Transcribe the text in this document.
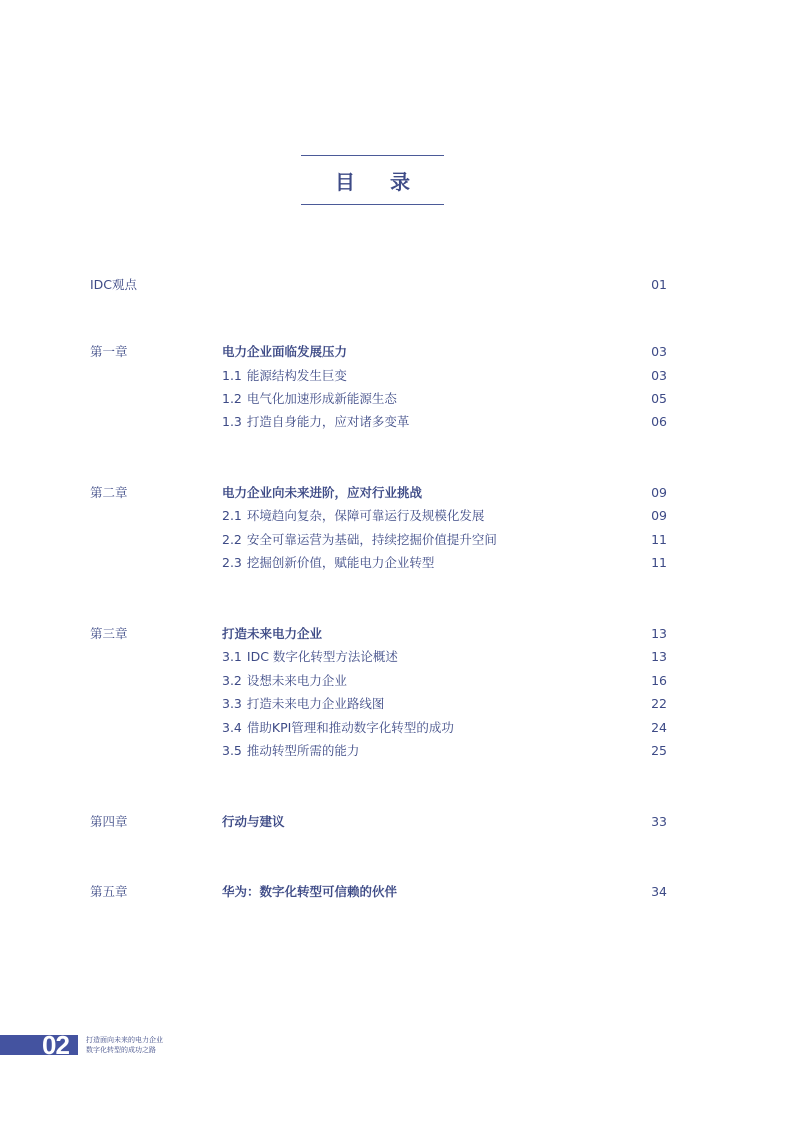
目 录
IDC观点	01
第一章	电力企业面临发展压力	03
1.1 能源结构发生巨变	03
1.2 电气化加速形成新能源生态	05
1.3 打造自身能力，应对诸多变革	06
第二章	电力企业向未来进阶，应对行业挑战	09
2.1 环境趋向复杂，保障可靠运行及规模化发展	09
2.2 安全可靠运营为基础，持续挖掘价值提升空间	11
2.3 挖掘创新价值，赋能电力企业转型	11
第三章	打造未来电力企业	13
3.1 IDC 数字化转型方法论概述	13
3.2 设想未来电力企业	16
3.3 打造未来电力企业路线图	22
3.4 借助KPI管理和推动数字化转型的成功	24
3.5 推动转型所需的能力	25
第四章	行动与建议	33
第五章	华为：数字化转型可信赖的伙伴	34
02 打造面向未来的电力企业
数字化转型的成功之路
